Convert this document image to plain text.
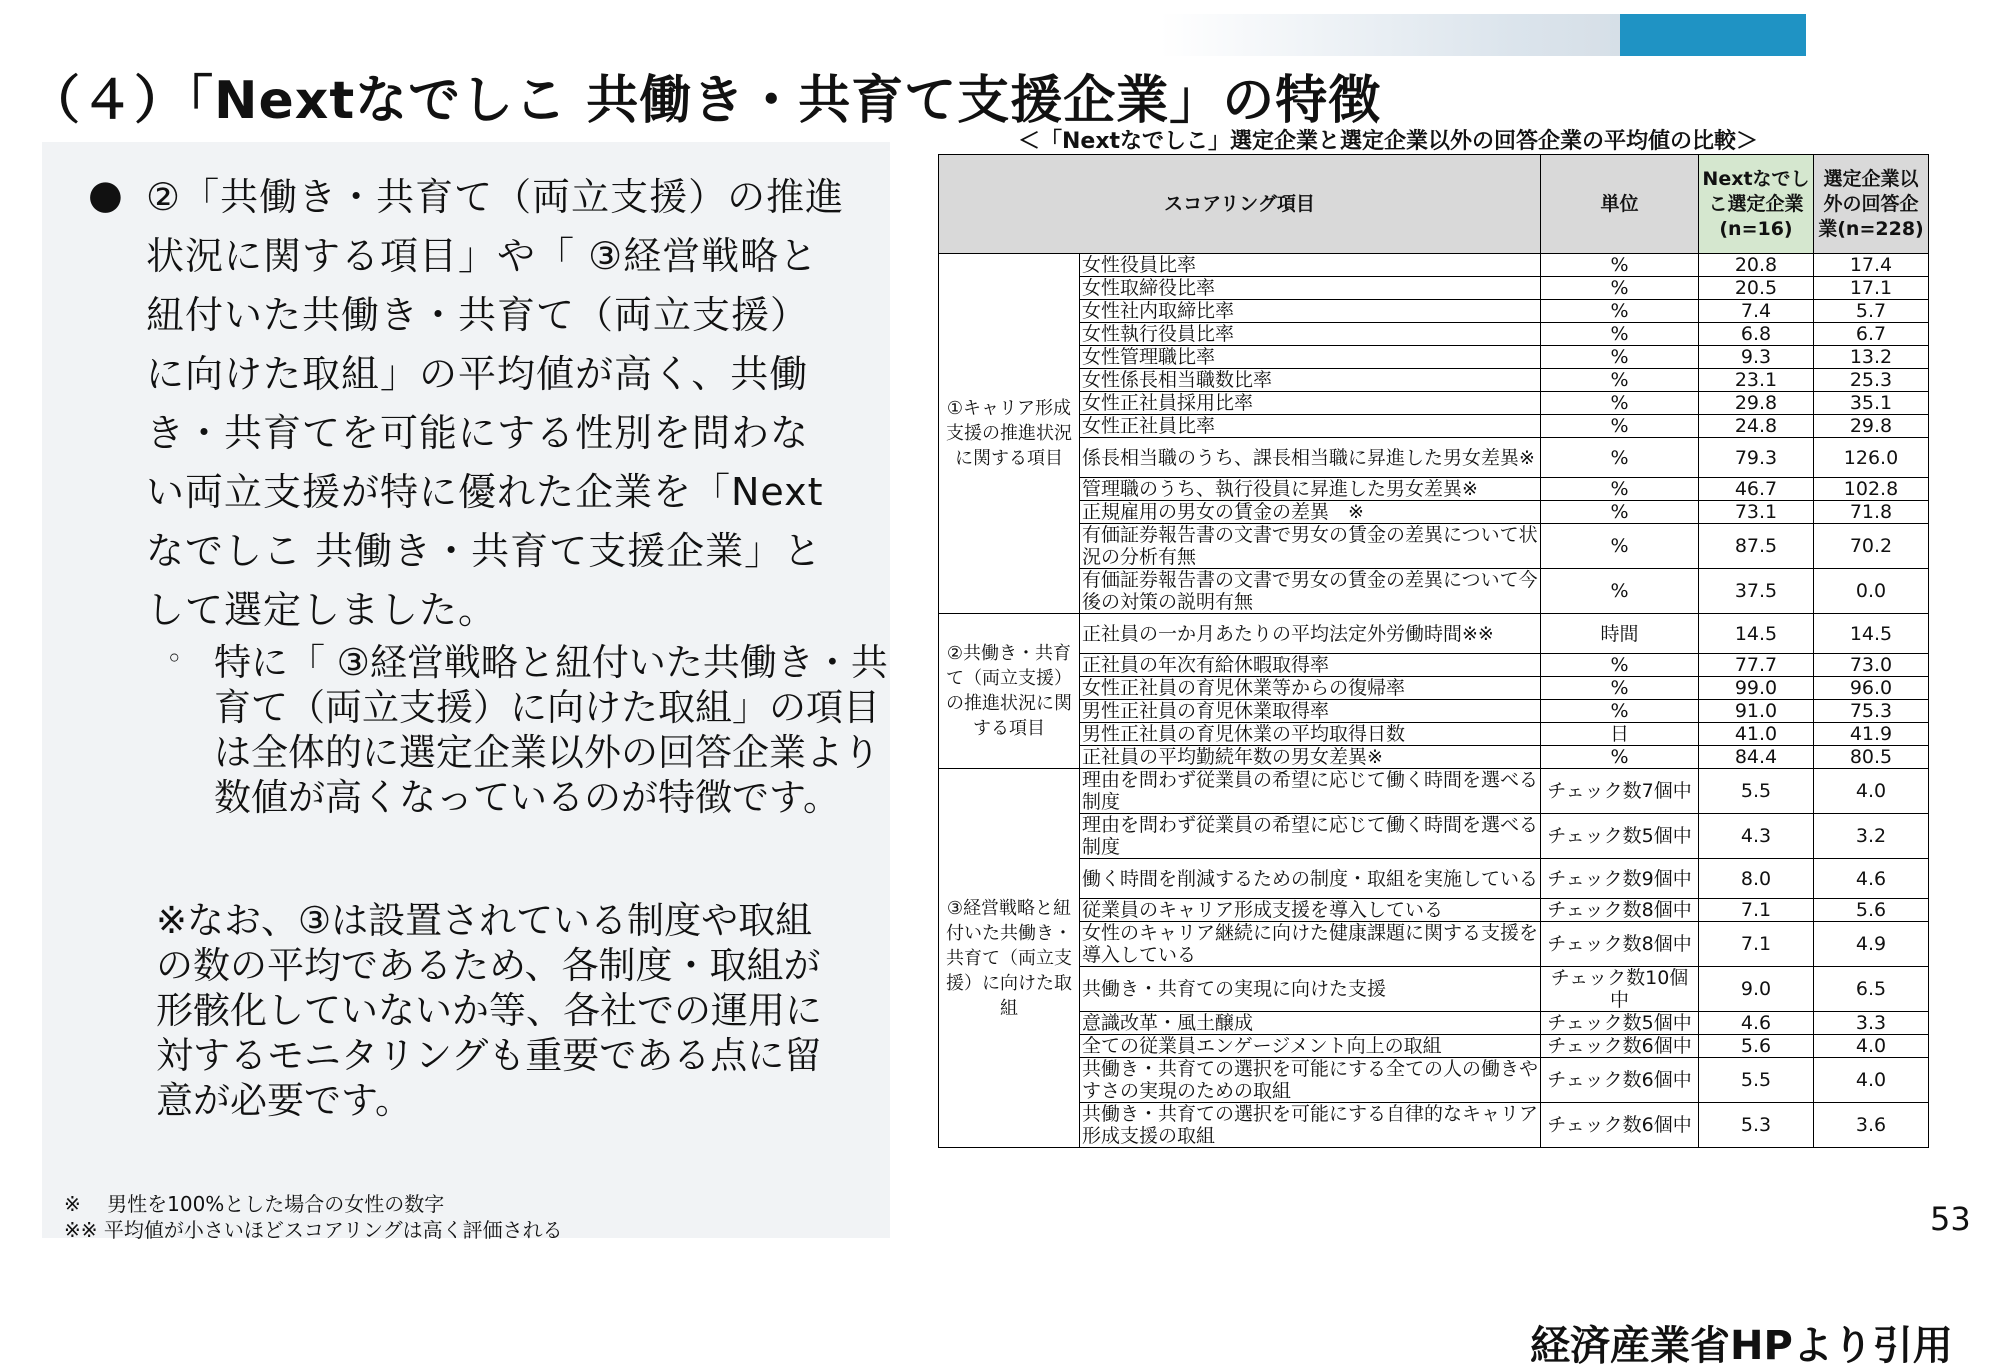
（４）「Nextなでしこ 共働き・共育て支援企業」の特徴
● ②「共働き・共育て（両立支援）の推進状況に関する項目」や「 ③経営戦略と紐付いた共働き・共育て（両立支援）に向けた取組」の平均値が高く、共働き・共育てを可能にする性別を問わない両立支援が特に優れた企業を「Nextなでしこ 共働き・共育て支援企業」として選定しました。

◦ 特に「 ③経営戦略と紐付いた共働き・共育て（両立支援）に向けた取組」の項目は全体的に選定企業以外の回答企業より数値が高くなっているのが特徴です。

※なお、③は設置されている制度や取組の数の平均であるため、各制度・取組が形骸化していないか等、各社での運用に対するモニタリングも重要である点に留意が必要です。

※　 男性を100%とした場合の女性の数字
※※ 平均値が小さいほどスコアリングは高く評価される

＜「Nextなでしこ」選定企業と選定企業以外の回答企業の平均値の比較＞

スコアリング項目		単位	Nextなでしこ選定企業(n=16)	選定企業以外の回答企業(n=228)
①キャリア形成支援の推進状況に関する項目	女性役員比率	%	20.8	17.4
	女性取締役比率	%	20.5	17.1
	女性社内取締比率	%	7.4	5.7
	女性執行役員比率	%	6.8	6.7
	女性管理職比率	%	9.3	13.2
	女性係長相当職数比率	%	23.1	25.3
	女性正社員採用比率	%	29.8	35.1
	女性正社員比率	%	24.8	29.8
	係長相当職のうち、課長相当職に昇進した男女差異※	%	79.3	126.0
	管理職のうち、執行役員に昇進した男女差異※	%	46.7	102.8
	正規雇用の男女の賃金の差異　※	%	73.1	71.8
	有価証券報告書の文書で男女の賃金の差異について状況の分析有無	%	87.5	70.2
	有価証券報告書の文書で男女の賃金の差異について今後の対策の説明有無	%	37.5	0.0
②共働き・共育て（両立支援）の推進状況に関する項目	正社員の一か月あたりの平均法定外労働時間※※	時間	14.5	14.5
	正社員の年次有給休暇取得率	%	77.7	73.0
	女性正社員の育児休業等からの復帰率	%	99.0	96.0
	男性正社員の育児休業取得率	%	91.0	75.3
	男性正社員の育児休業の平均取得日数	日	41.0	41.9
	正社員の平均勤続年数の男女差異※	%	84.4	80.5
③経営戦略と紐付いた共働き・共育て（両立支援）に向けた取組	理由を問わず従業員の希望に応じて働く時間を選べる制度	チェック数7個中	5.5	4.0
	理由を問わず従業員の希望に応じて働く時間を選べる制度	チェック数5個中	4.3	3.2
	働く時間を削減するための制度・取組を実施している	チェック数9個中	8.0	4.6
	従業員のキャリア形成支援を導入している	チェック数8個中	7.1	5.6
	女性のキャリア継続に向けた健康課題に関する支援を導入している	チェック数8個中	7.1	4.9
	共働き・共育ての実現に向けた支援	チェック数10個中	9.0	6.5
	意識改革・風土醸成	チェック数5個中	4.6	3.3
	全ての従業員エンゲージメント向上の取組	チェック数6個中	5.6	4.0
	共働き・共育ての選択を可能にする全ての人の働きやすさの実現のための取組	チェック数6個中	5.5	4.0
	共働き・共育ての選択を可能にする自律的なキャリア形成支援の取組	チェック数6個中	5.3	3.6
53

経済産業省HPより引用
